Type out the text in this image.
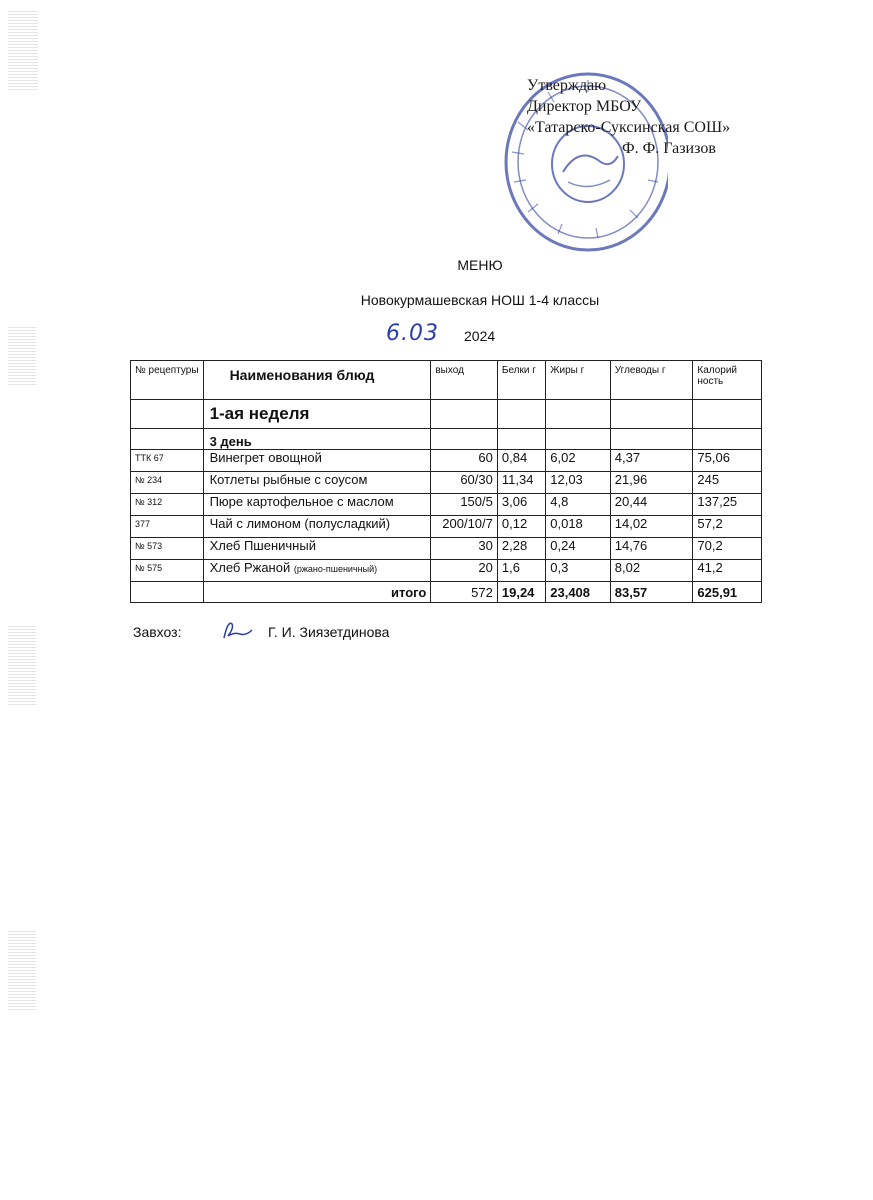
Утверждаю
Директор МБОУ
«Татарско-Суксинская СОШ»
Ф. Ф. Газизов
МЕНЮ
Новокурмашевская НОШ 1-4 классы
6.03 2024
№ рецептуры	Наименования блюд	выход	Белки г	Жиры г	Углеводы г	Калорий ность
	1-ая неделя					
	3 день					
ТТК 67	Винегрет овощной	60	0,84	6,02	4,37	75,06
№ 234	Котлеты рыбные с соусом	60/30	11,34	12,03	21,96	245
№ 312	Пюре картофельное с маслом	150/5	3,06	4,8	20,44	137,25
377	Чай с лимоном (полусладкий)	200/10/7	0,12	0,018	14,02	57,2
№ 573	Хлеб Пшеничный	30	2,28	0,24	14,76	70,2
№ 575	Хлеб Ржаной (ржано-пшеничный)	20	1,6	0,3	8,02	41,2
	итого	572	19,24	23,408	83,57	625,91
Завхоз:	Г. И. Зиязетдинова
